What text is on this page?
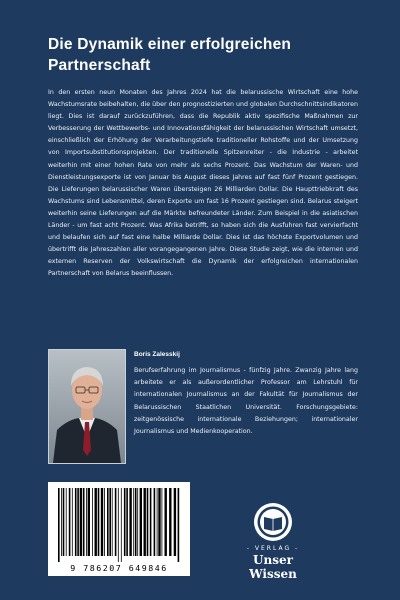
Die Dynamik einer erfolgreichen Partnerschaft
In den ersten neun Monaten des Jahres 2024 hat die belarussische Wirtschaft eine hohe Wachstumsrate beibehalten, die über den prognostizierten und globalen Durchschnittsindikatoren liegt. Dies ist darauf zurückzuführen, dass die Republik aktiv spezifische Maßnahmen zur Verbesserung der Wettbewerbs- und Innovationsfähigkeit der belarussischen Wirtschaft umsetzt, einschließlich der Erhöhung der Verarbeitungstiefe traditioneller Rohstoffe und der Umsetzung von Importsubstitutionsprojekten. Der traditionelle Spitzenreiter - die Industrie - arbeitet weiterhin mit einer hohen Rate von mehr als sechs Prozent. Das Wachstum der Waren- und Dienstleistungsexporte ist von Januar bis August dieses Jahres auf fast fünf Prozent gestiegen. Die Lieferungen belarussischer Waren übersteigen 26 Milliarden Dollar. Die Haupttriebkraft des Wachstums sind Lebensmittel, deren Exporte um fast 16 Prozent gestiegen sind. Belarus steigert weiterhin seine Lieferungen auf die Märkte befreundeter Länder. Zum Beispiel in die asiatischen Länder - um fast acht Prozent. Was Afrika betrifft, so haben sich die Ausfuhren fast vervierfacht und belaufen sich auf fast eine halbe Milliarde Dollar. Dies ist das höchste Exportvolumen und übertrifft die Jahreszahlen aller vorangegangenen Jahre. Diese Studie zeigt, wie die internen und externen Reserven der Volkswirtschaft die Dynamik der erfolgreichen internationalen Partnerschaft von Belarus beeinflussen.
Boris Zalesskij
Berufserfahrung im Journalismus - fünfzig Jahre. Zwanzig Jahre lang arbeitete er als außerordentlicher Professor am Lehrstuhl für internationalen Journalismus an der Fakultät für Journalismus der Belarussischen Staatlichen Universität. Forschungsgebiete: zeitgenössische internationale Beziehungen; internationaler Journalismus und Medienkooperation.
9 786207 649846
- VERLAG -
Unser Wissen
